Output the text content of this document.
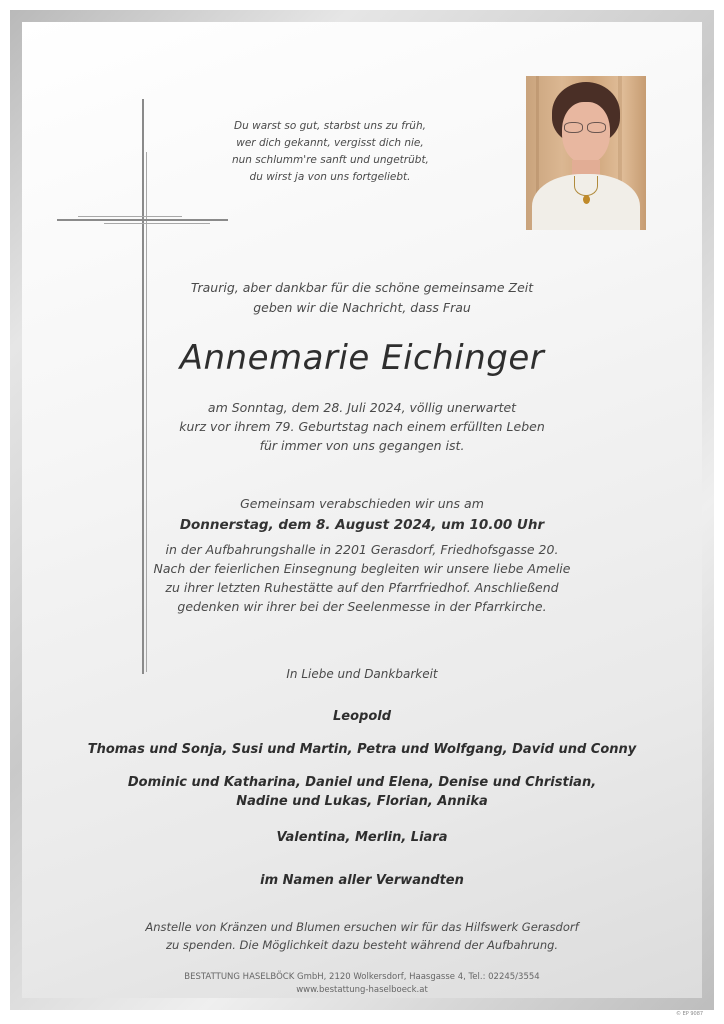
Du warst so gut, starbst uns zu früh,
wer dich gekannt, vergisst dich nie,
nun schlumm're sanft und ungetrübt,
du wirst ja von uns fortgeliebt.
Traurig, aber dankbar für die schöne gemeinsame Zeit
geben wir die Nachricht, dass Frau
Annemarie Eichinger
am Sonntag, dem 28. Juli 2024, völlig unerwartet
kurz vor ihrem 79. Geburtstag nach einem erfüllten Leben
für immer von uns gegangen ist.
Gemeinsam verabschieden wir uns am
Donnerstag, dem 8. August 2024, um 10.00 Uhr
in der Aufbahrungshalle in 2201 Gerasdorf, Friedhofsgasse 20.
Nach der feierlichen Einsegnung begleiten wir unsere liebe Amelie
zu ihrer letzten Ruhestätte auf den Pfarrfriedhof. Anschließend
gedenken wir ihrer bei der Seelenmesse in der Pfarrkirche.
In Liebe und Dankbarkeit
Leopold
Thomas und Sonja, Susi und Martin, Petra und Wolfgang, David und Conny
Dominic und Katharina, Daniel und Elena, Denise und Christian,
Nadine und Lukas, Florian, Annika
Valentina, Merlin, Liara
im Namen aller Verwandten
Anstelle von Kränzen und Blumen ersuchen wir für das Hilfswerk Gerasdorf
zu spenden. Die Möglichkeit dazu besteht während der Aufbahrung.
BESTATTUNG HASELBÖCK GmbH, 2120 Wolkersdorf, Haasgasse 4, Tel.: 02245/3554
www.bestattung-haselboeck.at
© EP 9087
